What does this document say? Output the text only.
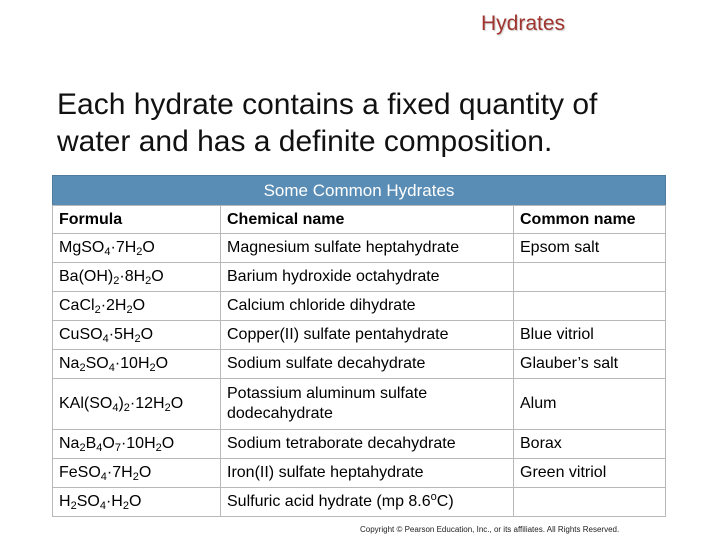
Hydrates
Each hydrate contains a fixed quantity of water and has a definite composition.
Some Common Hydrates
Formula	Chemical name	Common name
$MgSO_4\cdot 7H_2O$	Magnesium sulfate heptahydrate	Epsom salt
$Ba(OH)_2\cdot 8H_2O$	Barium hydroxide octahydrate	
$CaCl_2\cdot 2H_2O$	Calcium chloride dihydrate	
$CuSO_4\cdot 5H_2O$	Copper(II) sulfate pentahydrate	Blue vitriol
$Na_2SO_4\cdot 10H_2O$	Sodium sulfate decahydrate	Glauber’s salt
$KAl(SO_4)_2\cdot 12H_2O$	Potassium aluminum sulfate dodecahydrate	Alum
$Na_2B_4O_7\cdot 10H_2O$	Sodium tetraborate decahydrate	Borax
$FeSO_4\cdot 7H_2O$	Iron(II) sulfate heptahydrate	Green vitriol
$H_2SO_4\cdot H_2O$	Sulfuric acid hydrate (mp 8.6$^o$C)	
Copyright © Pearson Education, Inc., or its affiliates. All Rights Reserved.
